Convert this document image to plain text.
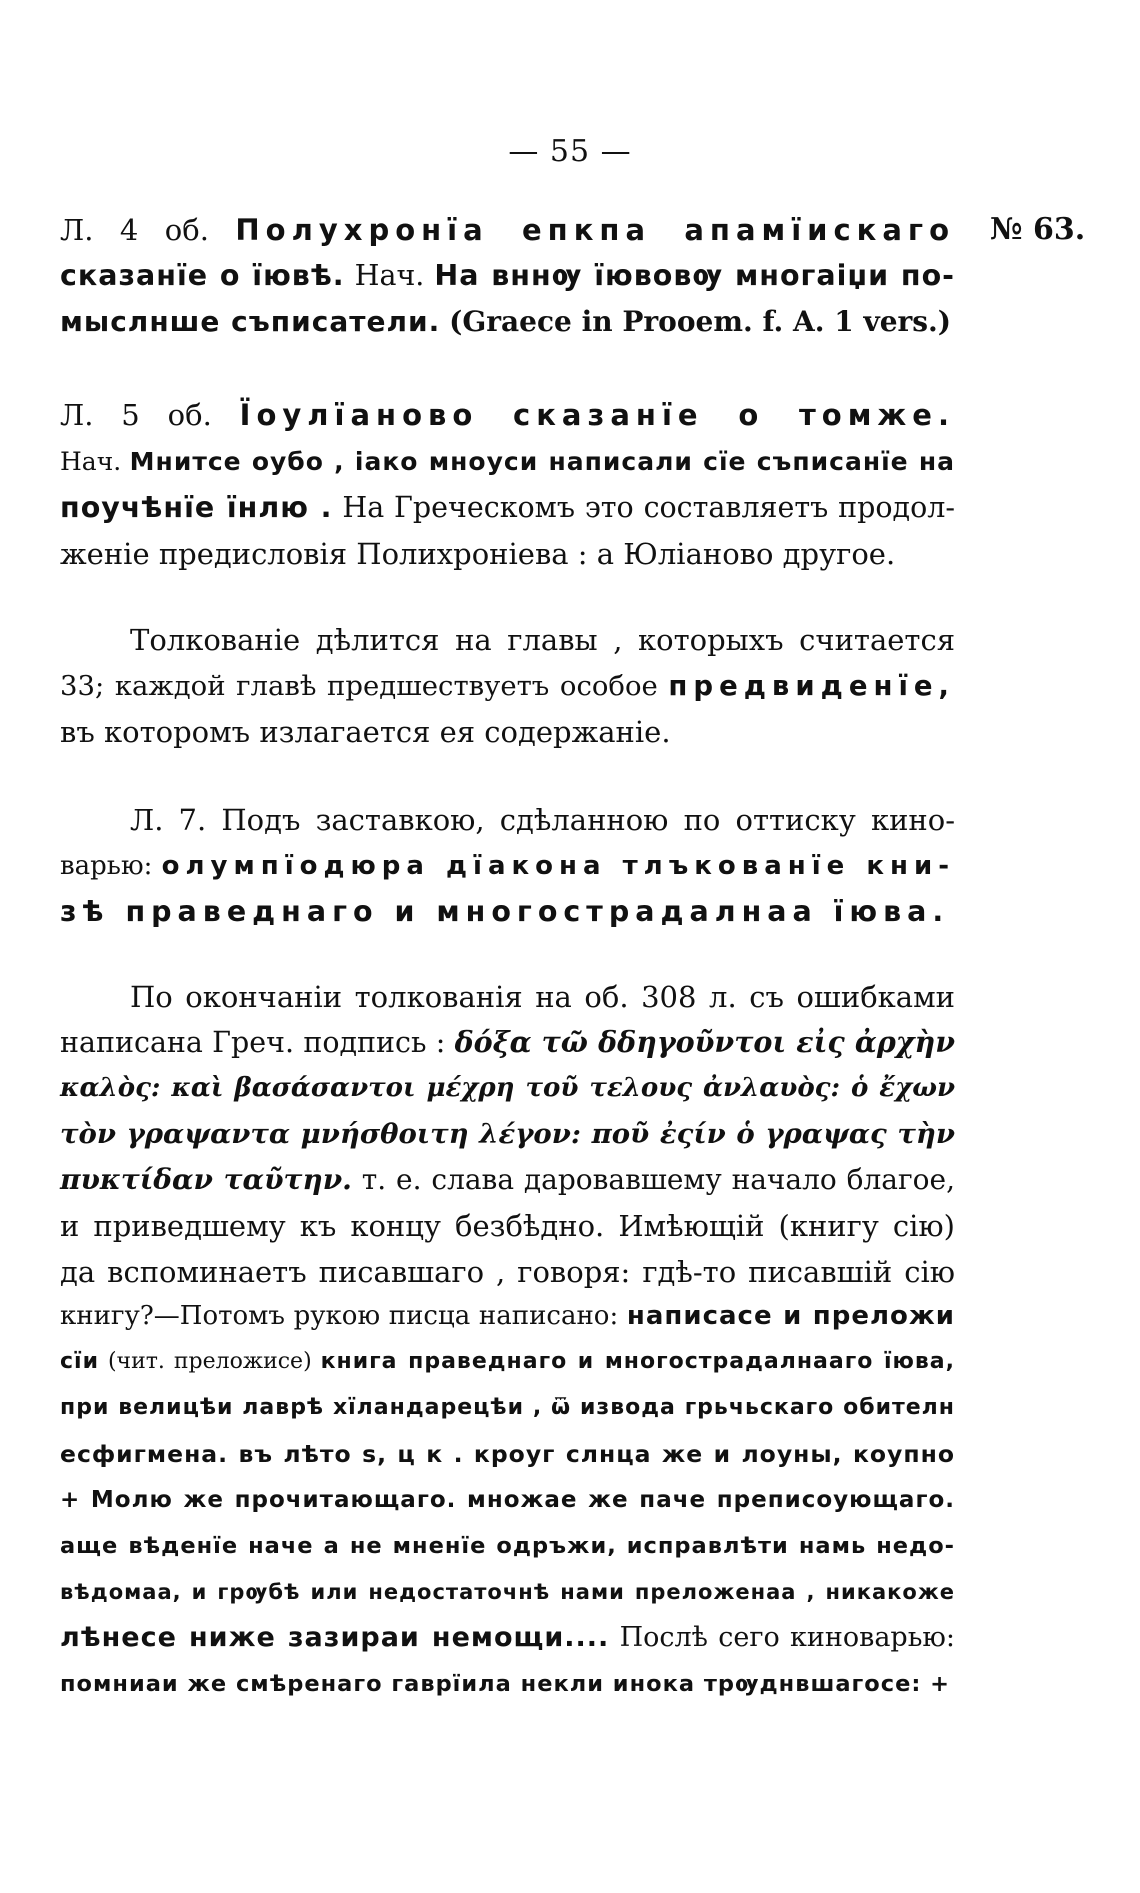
— 55 —
№ 63.
Л. 4 об. Полухронїа епкпа апамїискаго
сказанїе о їювѣ. Нач. На вннѹ їювовѹ многаіџи по-
мыслнше съписатели. (Graece in Prooem. f. A. 1 vers.)
Л. 5 об. Їоулїаново сказанїе о томже.
Нач. Мнитсе оубо , іако мноуси написали сїе съписанїе на
поучѣнїе їнлю . На Греческомъ это составляетъ продол-
женіе предисловія Полихроніева : а Юліаново другое.
Толкованіе дѣлится на главы , которыхъ считается
33; каждой главѣ предшествуетъ особое предвиденїе,
въ которомъ излагается ея содержаніе.
Л. 7. Подъ заставкою, сдѣланною по оттиску кино-
варью: олумпїодюра дїакона тлъкованїе кни-
зѣ праведнаго и многострадалнаа їюва.
По окончаніи толкованія на об. 308 л. съ ошибками
написана Греч. подпись : δόξα τῶ δδηγοῦντοι εἰς ἀρχὴν
καλὸς: καὶ βασάσαντοι μέχρη τοῦ τελους ἀνλαυὸς: ὁ ἔχων
τὸν γραψαντα μνήσθοιτη λέγον: ποῦ ἐςίν ὁ γραψας τὴν
πυκτίδαν ταῦτην. т. е. слава даровавшему начало благое,
и приведшему къ концу безбѣдно. Имѣющій (книгу сію)
да вспоминаетъ писавшаго , говоря: гдѣ-то писавшій сію
книгу?—Потомъ рукою писца написано: написасе и преложи
сїи (чит. преложисе) книга праведнаго и многострадалнааго їюва,
при велицѣи лаврѣ хїландарецѣи , ѿ извода грьчьскаго обителн
есфигмена. въ лѣто ѕ, ц к . кроуг слнца же и лоуны, коупно
+ Молю же прочитающаго. множае же паче преписоующаго.
аще вѣденїе наче а не мненїе одръжи, исправлѣти намь недо-
вѣдомаа, и грѹбѣ или недостаточнѣ нами преложенаа , никакоже
лѣнесе ниже зазираи немощи.... Послѣ сего киноварью:
помниаи же смѣренаго гаврїила некли инока трѹднвшагосе: +
